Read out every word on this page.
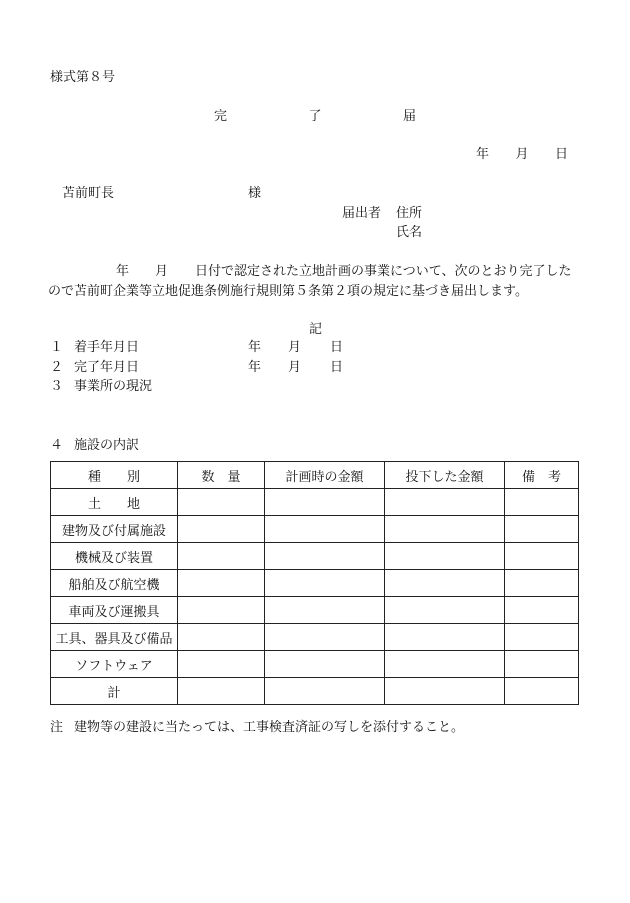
様式第８号
完	了	届
年 月 日
苫前町長	様
届出者 住所
氏名
年 月 日付で認定された立地計画の事業について、次のとおり完了した
ので苫前町企業等立地促進条例施行規則第５条第２項の規定に基づき届出します。
記
１ 着手年月日	年 月 日
２ 完了年月日	年 月 日
３ 事業所の現況
４ 施設の内訳
種　　別	数　量	計画時の金額	投下した金額	備　考
土　　地				
建物及び付属施設				
機械及び装置				
船舶及び航空機				
車両及び運搬具				
工具、器具及び備品				
ソフトウェア				
計				
注 建物等の建設に当たっては、工事検査済証の写しを添付すること。
